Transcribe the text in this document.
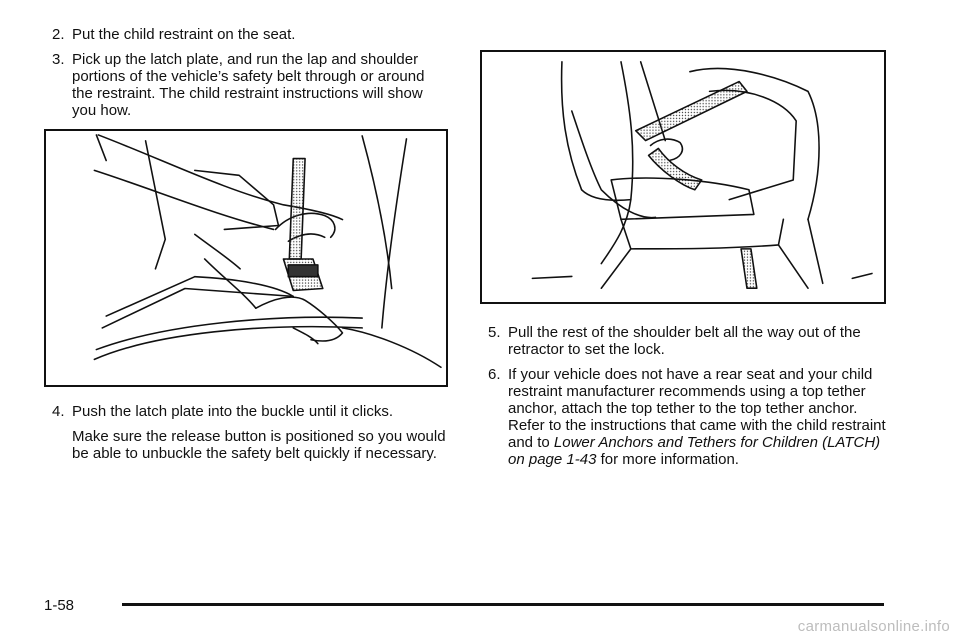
2. Put the child restraint on the seat.

3. Pick up the latch plate, and run the lap and shoulder portions of the vehicle’s safety belt through or around the restraint. The child restraint instructions will show you how.

4. Push the latch plate into the buckle until it clicks.

Make sure the release button is positioned so you would be able to unbuckle the safety belt quickly if necessary.

5. Pull the rest of the shoulder belt all the way out of the retractor to set the lock.

6. If your vehicle does not have a rear seat and your child restraint manufacturer recommends using a top tether anchor, attach the top tether to the top tether anchor. Refer to the instructions that came with the child restraint and to Lower Anchors and Tethers for Children (LATCH) on page 1-43 for more information.

1-58
carmanualsonline.info
